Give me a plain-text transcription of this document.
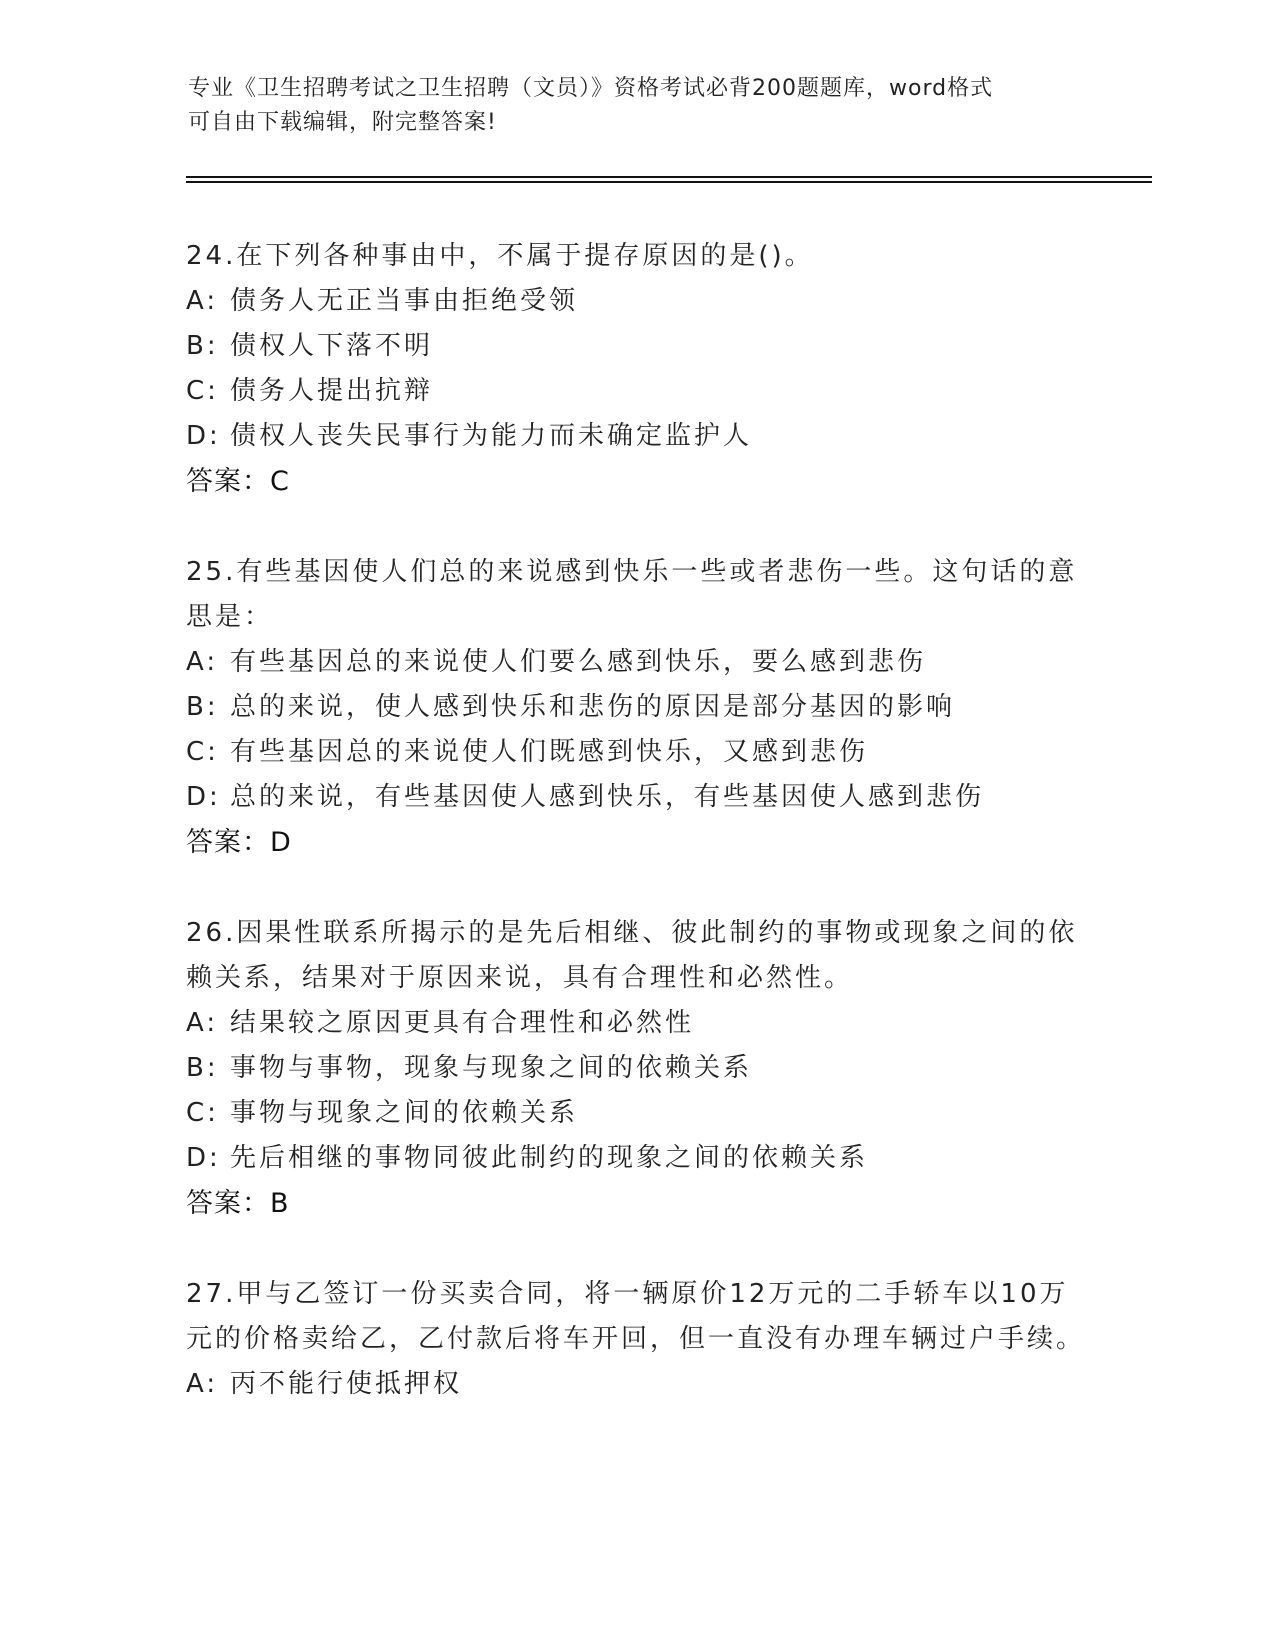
专业《卫生招聘考试之卫生招聘（文员）》资格考试必背200题题库，word格式
可自由下载编辑，附完整答案!

24.在下列各种事由中，不属于提存原因的是()。

A: 债务人无正当事由拒绝受领
B: 债权人下落不明
C: 债务人提出抗辩
D: 债权人丧失民事行为能力而未确定监护人
答案：C

25.有些基因使人们总的来说感到快乐一些或者悲伤一些。这句话的意思是：

A: 有些基因总的来说使人们要么感到快乐，要么感到悲伤
B: 总的来说，使人感到快乐和悲伤的原因是部分基因的影响
C: 有些基因总的来说使人们既感到快乐，又感到悲伤
D: 总的来说，有些基因使人感到快乐，有些基因使人感到悲伤
答案：D

26.因果性联系所揭示的是先后相继、彼此制约的事物或现象之间的依赖关系，结果对于原因来说，具有合理性和必然性。

A: 结果较之原因更具有合理性和必然性
B: 事物与事物，现象与现象之间的依赖关系
C: 事物与现象之间的依赖关系
D: 先后相继的事物同彼此制约的现象之间的依赖关系
答案：B

27.甲与乙签订一份买卖合同，将一辆原价12万元的二手轿车以10万元的价格卖给乙，乙付款后将车开回，但一直没有办理车辆过户手续。

A: 丙不能行使抵押权
